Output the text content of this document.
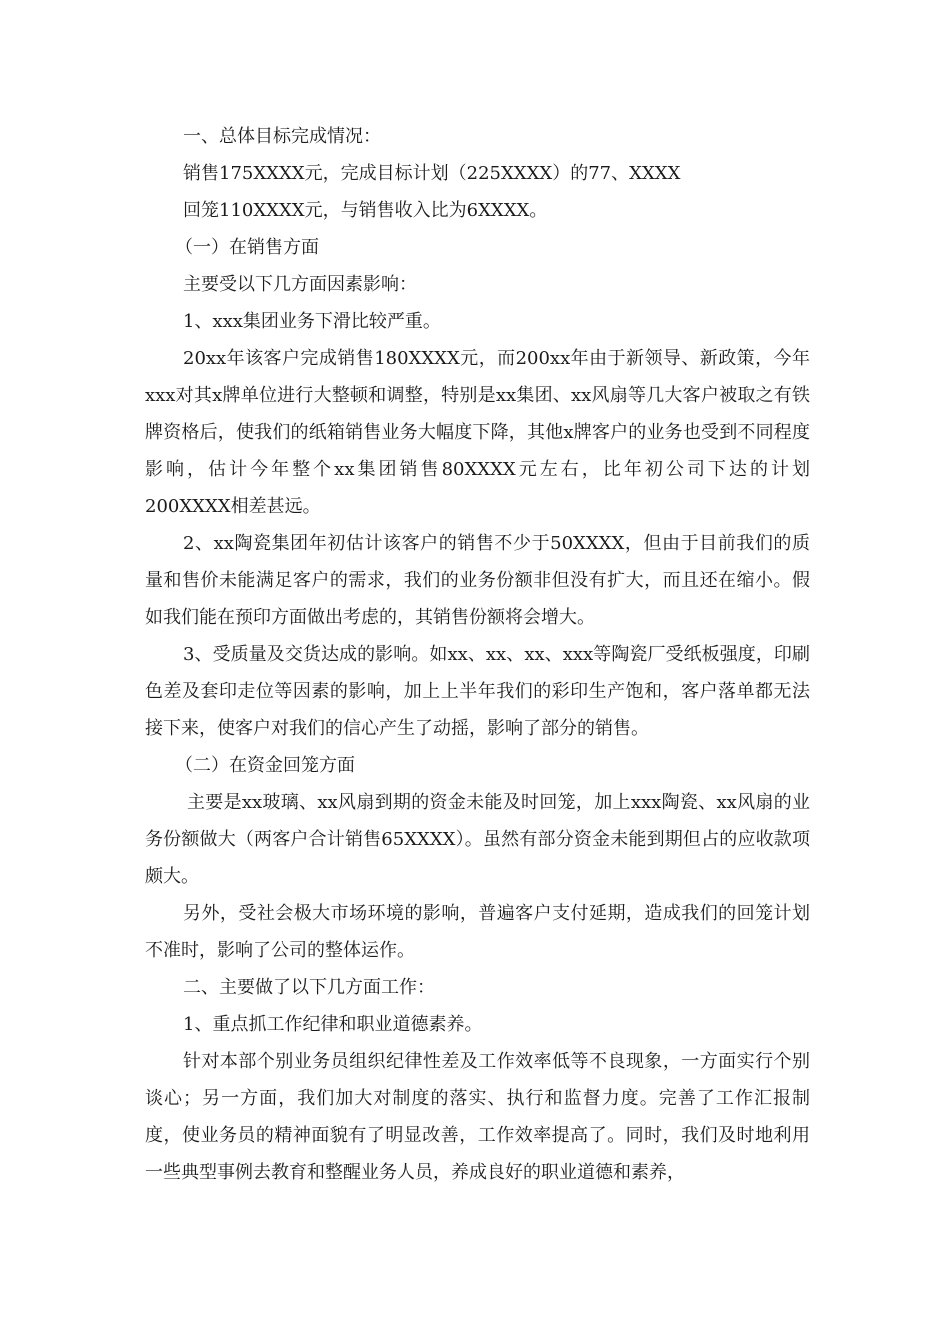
一、总体目标完成情况：

销售175XXXX元，完成目标计划（225XXXX）的77、XXXX

回笼110XXXX元，与销售收入比为6XXXX。

（一）在销售方面

主要受以下几方面因素影响：

1、xxx集团业务下滑比较严重。

20xx年该客户完成销售180XXXX元，而200xx年由于新领导、新政策，今年xxx对其x牌单位进行大整顿和调整，特别是xx集团、xx风扇等几大客户被取之有铁牌资格后，使我们的纸箱销售业务大幅度下降，其他x牌客户的业务也受到不同程度影响，估计今年整个xx集团销售80XXXX元左右，比年初公司下达的计划200XXXX相差甚远。

2、xx陶瓷集团年初估计该客户的销售不少于50XXXX，但由于目前我们的质量和售价未能满足客户的需求，我们的业务份额非但没有扩大，而且还在缩小。假如我们能在预印方面做出考虑的，其销售份额将会增大。

3、受质量及交货达成的影响。如xx、xx、xx、xxx等陶瓷厂受纸板强度，印刷色差及套印走位等因素的影响，加上上半年我们的彩印生产饱和，客户落单都无法接下来，使客户对我们的信心产生了动摇，影响了部分的销售。

（二）在资金回笼方面

主要是xx玻璃、xx风扇到期的资金未能及时回笼，加上xxx陶瓷、xx风扇的业务份额做大（两客户合计销售65XXXX）。虽然有部分资金未能到期但占的应收款项颇大。

另外，受社会极大市场环境的影响，普遍客户支付延期，造成我们的回笼计划不准时，影响了公司的整体运作。

二、主要做了以下几方面工作：

1、重点抓工作纪律和职业道德素养。

针对本部个别业务员组织纪律性差及工作效率低等不良现象，一方面实行个别谈心；另一方面，我们加大对制度的落实、执行和监督力度。完善了工作汇报制度，使业务员的精神面貌有了明显改善，工作效率提高了。同时，我们及时地利用一些典型事例去教育和整醒业务人员，养成良好的职业道德和素养，
